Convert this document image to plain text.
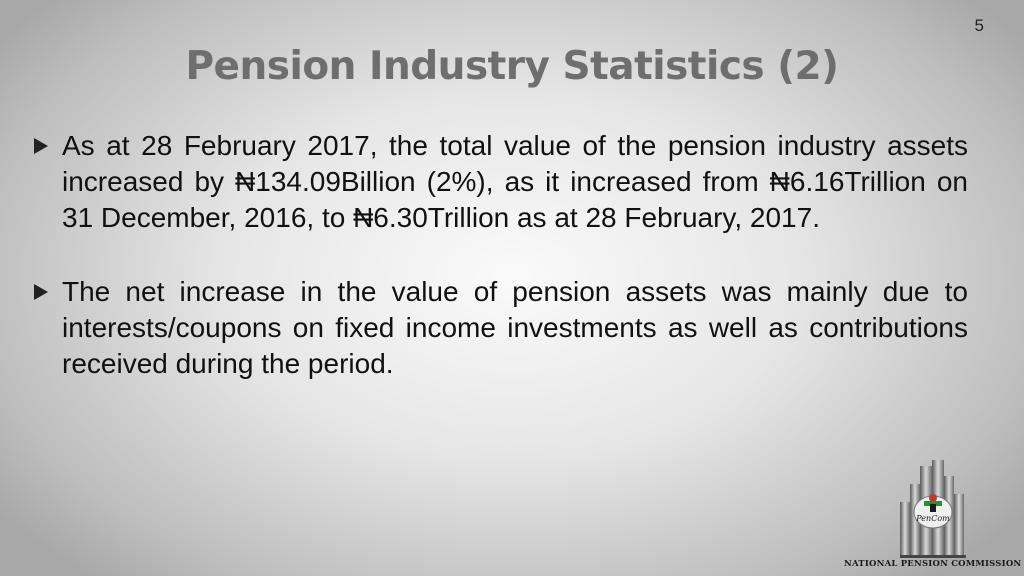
5
Pension Industry Statistics (2)

As at 28 February 2017, the total value of the pension industry assets increased by ₦134.09Billion (2%), as it increased from ₦6.16Trillion on 31 December, 2016, to ₦6.30Trillion as at 28 February, 2017.

The net increase in the value of pension assets was mainly due to interests/coupons on fixed income investments as well as contributions received during the period.

PenCom
NATIONAL PENSION COMMISSION
